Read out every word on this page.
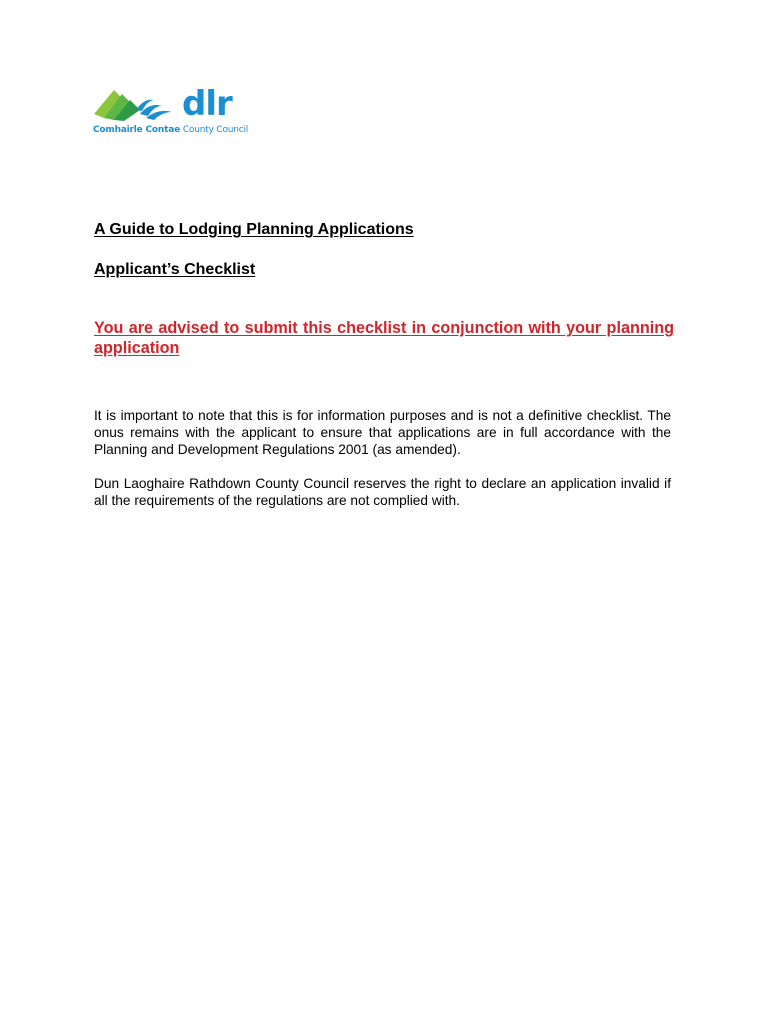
dlr
Comhairle Contae County Council
A Guide to Lodging Planning Applications
Applicant’s Checklist
You are advised to submit this checklist in conjunction with your planning application
It is important to note that this is for information purposes and is not a definitive checklist. The onus remains with the applicant to ensure that applications are in full accordance with the Planning and Development Regulations 2001 (as amended).
Dun Laoghaire Rathdown County Council reserves the right to declare an application invalid if all the requirements of the regulations are not complied with.
